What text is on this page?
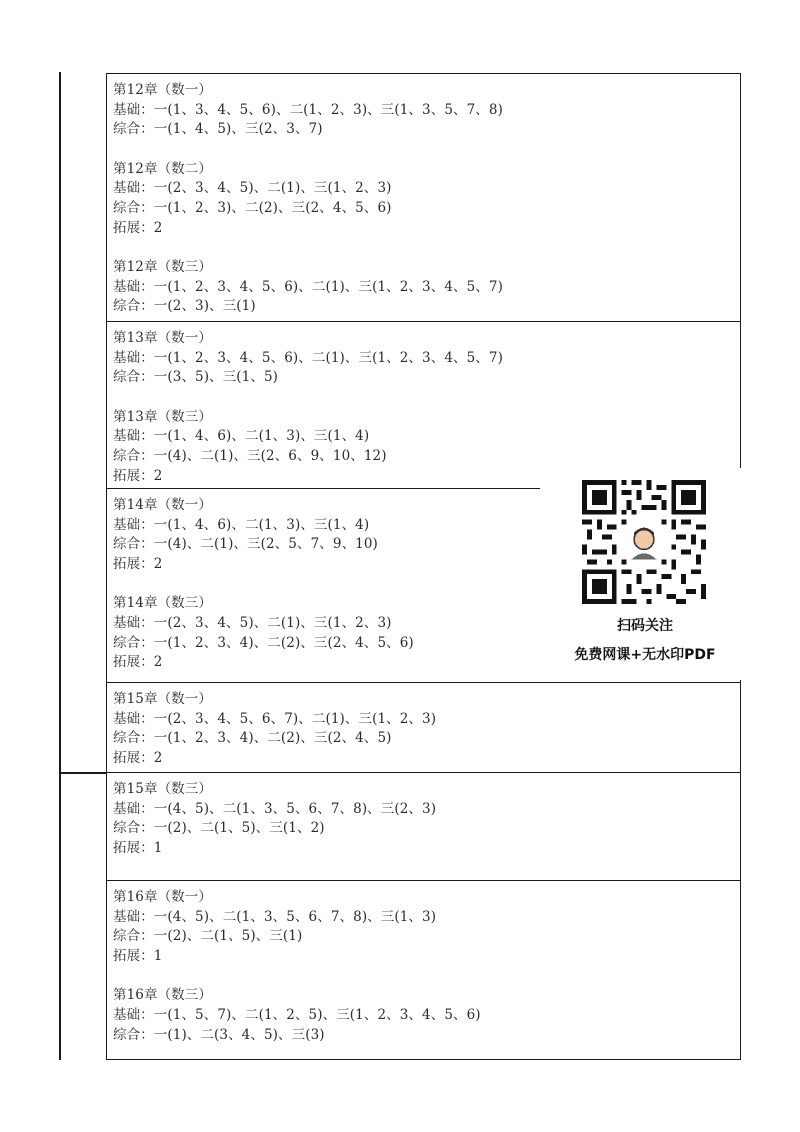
第12章（数一）
基础：一(1、3、4、5、6)、二(1、2、3)、三(1、3、5、7、8)
综合：一(1、4、5)、三(2、3、7)
第12章（数二）
基础：一(2、3、4、5)、二(1)、三(1、2、3)
综合：一(1、2、3)、二(2)、三(2、4、5、6)
拓展：2
第12章（数三）
基础：一(1、2、3、4、5、6)、二(1)、三(1、2、3、4、5、7)
综合：一(2、3)、三(1)
第13章（数一）
基础：一(1、2、3、4、5、6)、二(1)、三(1、2、3、4、5、7)
综合：一(3、5)、三(1、5)
第13章（数三）
基础：一(1、4、6)、二(1、3)、三(1、4)
综合：一(4)、二(1)、三(2、6、9、10、12)
拓展：2
第14章（数一）
基础：一(1、4、6)、二(1、3)、三(1、4)
综合：一(4)、二(1)、三(2、5、7、9、10)
拓展：2
第14章（数三）
基础：一(2、3、4、5)、二(1)、三(1、2、3)
综合：一(1、2、3、4)、二(2)、三(2、4、5、6)
拓展：2
第15章（数一）
基础：一(2、3、4、5、6、7)、二(1)、三(1、2、3)
综合：一(1、2、3、4)、二(2)、三(2、4、5)
拓展：2
第15章（数三）
基础：一(4、5)、二(1、3、5、6、7、8)、三(2、3)
综合：一(2)、二(1、5)、三(1、2)
拓展：1
第16章（数一）
基础：一(4、5)、二(1、3、5、6、7、8)、三(1、3)
综合：一(2)、二(1、5)、三(1)
拓展：1
第16章（数三）
基础：一(1、5、7)、二(1、2、5)、三(1、2、3、4、5、6)
综合：一(1)、二(3、4、5)、三(3)
扫码关注
免费网课+无水印PDF
